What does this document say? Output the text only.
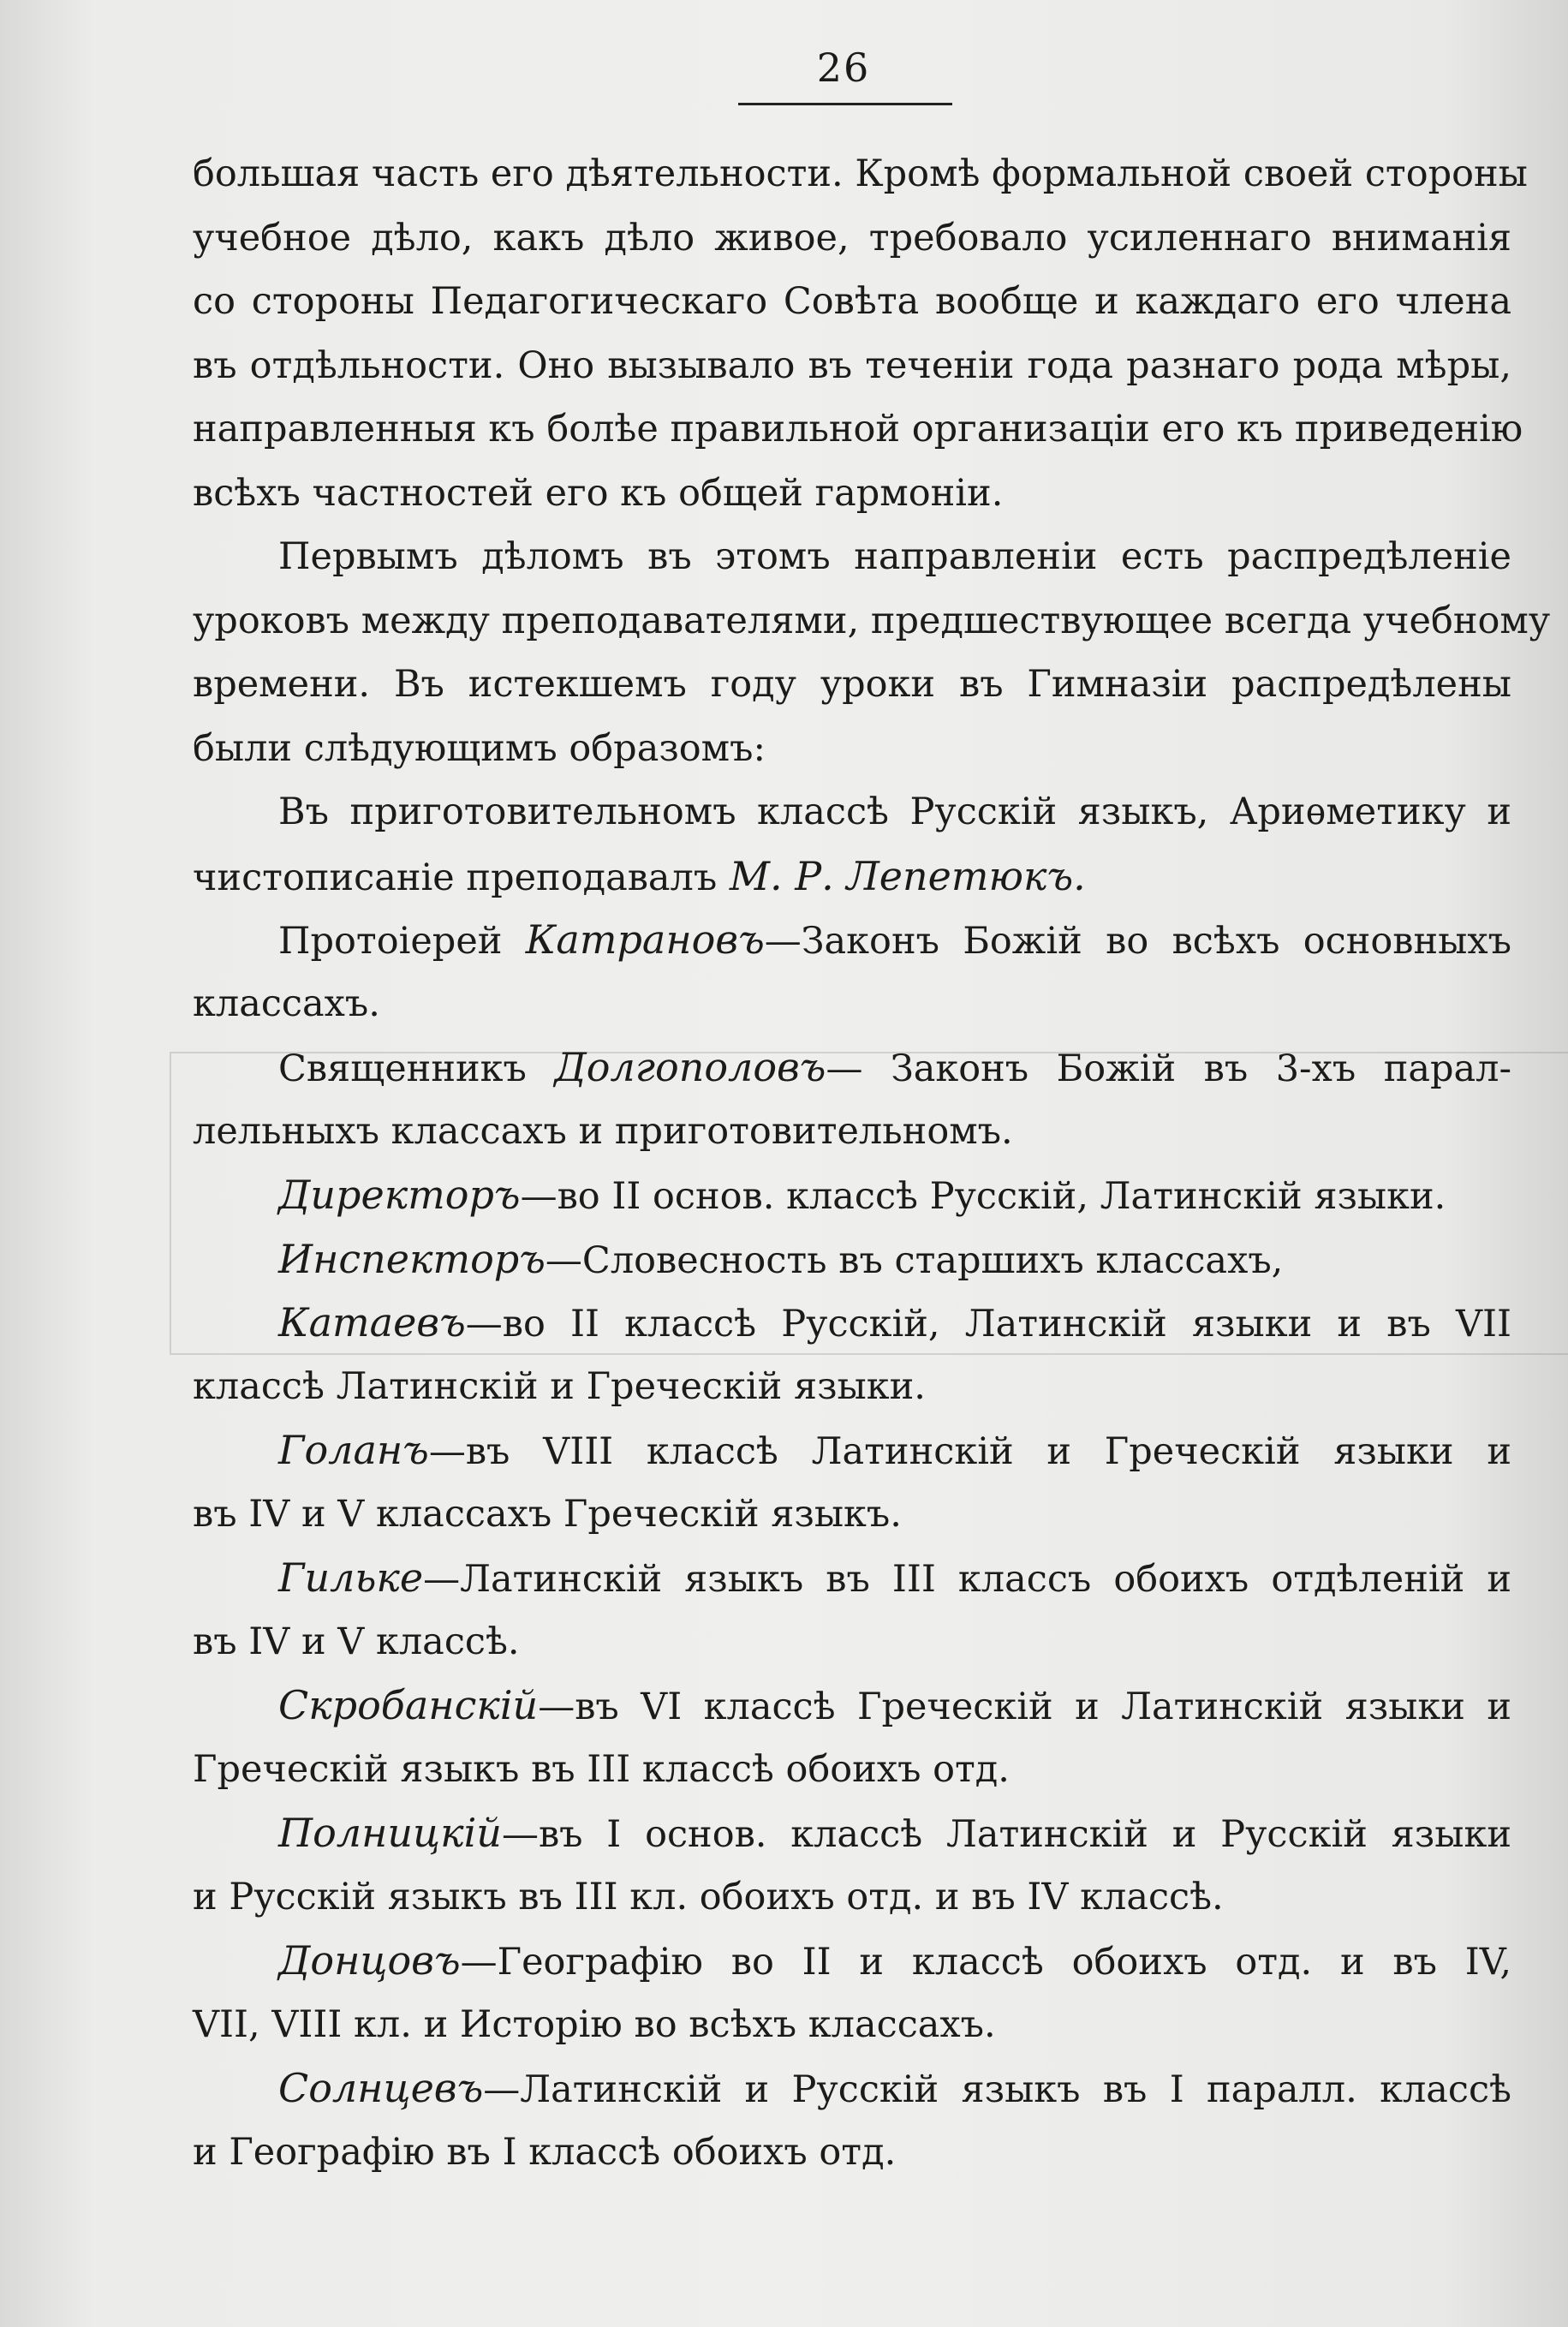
26
большая часть его дѣятельности. Кромѣ формальной своей стороны
учебное дѣло, какъ дѣло живое, требовало усиленнаго вниманія
со стороны Педагогическаго Совѣта вообще и каждаго его члена
въ отдѣльности. Оно вызывало въ теченіи года разнаго рода мѣры,
направленныя къ болѣе правильной организаціи его къ приведенію
всѣхъ частностей его къ общей гармоніи.
Первымъ дѣломъ въ этомъ направленіи есть распредѣленіе
уроковъ между преподавателями, предшествующее всегда учебному
времени. Въ истекшемъ году уроки въ Гимназіи распредѣлены
были слѣдующимъ образомъ:
Въ приготовительномъ классѣ Русскій языкъ, Ариѳметику и
чистописаніе преподавалъ М. Р. Лепетюкъ.
Протоіерей Катрановъ—Законъ Божій во всѣхъ основныхъ
классахъ.
Священникъ Долгополовъ— Законъ Божій въ 3-хъ парал-
лельныхъ классахъ и приготовительномъ.
Директоръ—во II основ. классѣ Русскій, Латинскій языки.
Инспекторъ—Словесность въ старшихъ классахъ,
Катаевъ—во II классѣ Русскій, Латинскій языки и въ VII
классѣ Латинскій и Греческій языки.
Голанъ—въ VIII классѣ Латинскій и Греческій языки и
въ IV и V классахъ Греческій языкъ.
Гильке—Латинскій языкъ въ III классъ обоихъ отдѣленій и
въ IV и V классѣ.
Скробанскій—въ VI классѣ Греческій и Латинскій языки и
Греческій языкъ въ III классѣ обоихъ отд.
Полницкій—въ I основ. классѣ Латинскій и Русскій языки
и Русскій языкъ въ III кл. обоихъ отд. и въ IV классѣ.
Донцовъ—Географію во II и классѣ обоихъ отд. и въ IV,
VII, VIII кл. и Исторію во всѣхъ классахъ.
Солнцевъ—Латинскій и Русскій языкъ въ I паралл. классѣ
и Географію въ I классѣ обоихъ отд.
